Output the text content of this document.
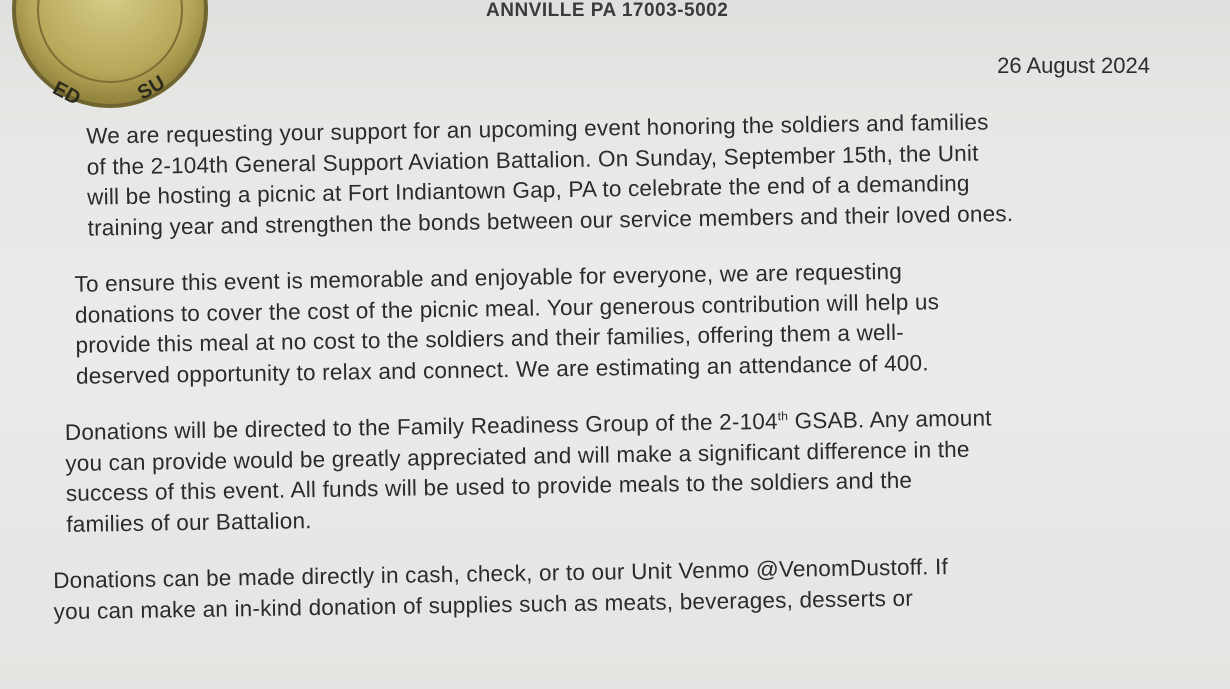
ED SU
ANNVILLE PA 17003-5002
26 August 2024

We are requesting your support for an upcoming event honoring the soldiers and families
of the 2-104th General Support Aviation Battalion. On Sunday, September 15th, the Unit
will be hosting a picnic at Fort Indiantown Gap, PA to celebrate the end of a demanding
training year and strengthen the bonds between our service members and their loved ones.

To ensure this event is memorable and enjoyable for everyone, we are requesting
donations to cover the cost of the picnic meal. Your generous contribution will help us
provide this meal at no cost to the soldiers and their families, offering them a well-
deserved opportunity to relax and connect. We are estimating an attendance of 400.

Donations will be directed to the Family Readiness Group of the 2-104th GSAB. Any amount
you can provide would be greatly appreciated and will make a significant difference in the
success of this event. All funds will be used to provide meals to the soldiers and the
families of our Battalion.

Donations can be made directly in cash, check, or to our Unit Venmo @VenomDustoff. If
you can make an in-kind donation of supplies such as meats, beverages, desserts or
